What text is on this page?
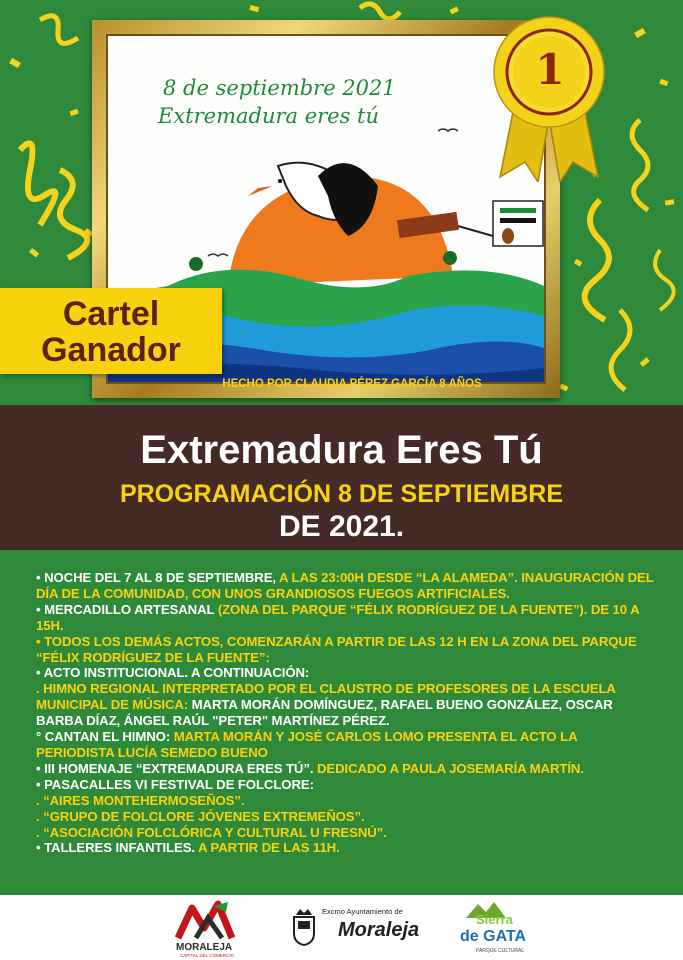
8 de septiembre 2021
Extremadura eres tú
1
Cartel
Ganador
HECHO POR CLAUDIA PÉREZ GARCÍA 8 AÑOS
Extremadura Eres Tú
PROGRAMACIÓN 8 DE SEPTIEMBRE
DE 2021.

• NOCHE DEL 7 AL 8 DE SEPTIEMBRE, A LAS 23:00H DESDE “LA ALAMEDA”. INAUGURACIÓN DEL DÍA DE LA COMUNIDAD, CON UNOS GRANDIOSOS FUEGOS ARTIFICIALES.

• MERCADILLO ARTESANAL (ZONA DEL PARQUE “FÉLIX RODRÍGUEZ DE LA FUENTE”). DE 10 A 15H.

• TODOS LOS DEMÁS ACTOS, COMENZARÁN A PARTIR DE LAS 12 H EN LA ZONA DEL PARQUE “FÉLIX RODRÍGUEZ DE LA FUENTE”:

• ACTO INSTITUCIONAL. A CONTINUACIÓN:

. HIMNO REGIONAL INTERPRETADO POR EL CLAUSTRO DE PROFESORES DE LA ESCUELA MUNICIPAL DE MÚSICA: MARTA MORÁN DOMÍNGUEZ, RAFAEL BUENO GONZÁLEZ, OSCAR BARBA DÍAZ, ÁNGEL RAÚL "PETER" MARTÍNEZ PÉREZ.

° CANTAN EL HIMNO: MARTA MORÁN Y JOSÉ CARLOS LOMO PRESENTA EL ACTO LA PERIODISTA LUCÍA SEMEDO BUENO

• III HOMENAJE “EXTREMADURA ERES TÚ”. DEDICADO A PAULA JOSEMARÍA MARTÍN.

• PASACALLES VI FESTIVAL DE FOLCLORE:

. “AIRES MONTEHERMOSEÑOS”.

. “GRUPO DE FOLCLORE JÓVENES EXTREMEÑOS”.

. “ASOCIACIÓN FOLCLÓRICA Y CULTURAL U FRESNÚ”.

• TALLERES INFANTILES. A PARTIR DE LAS 11H.

MORALEJA
CAPITAL DEL COMERCIO
Excmo Ayuntamiento de
Moraleja	Sierra
de GATA
PARQUE CULTURAL
